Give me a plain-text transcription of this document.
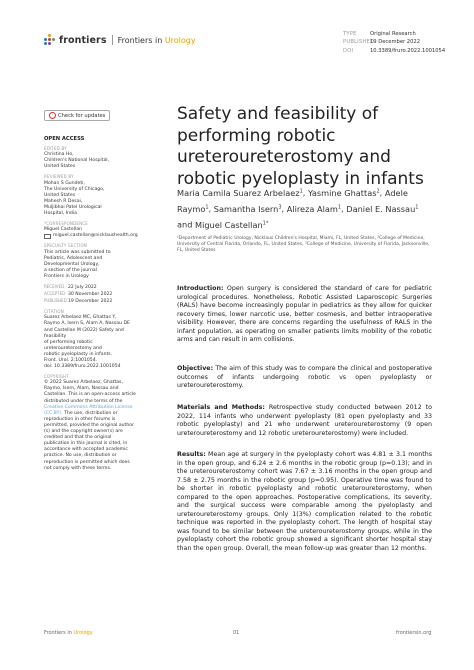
frontiers Frontiers in Urology
TYPE	Original Research
PUBLISHED19 December 2022
DOI	10.3389/fruro.2022.1001054
Check for updates
OPEN ACCESS
EDITED BY
Christina Ho,
Children's National Hospital,
United States
REVIEWED BY
Mohan S Gundeti,
The University of Chicago,
United States
Mahesh R Desai,
Muljibhai Patel Urological
Hospital, India
*CORRESPONDENCE
Miguel Castellan
miguel.castellan@nicklaushealth.org
SPECIALTY SECTION
This article was submitted to
Pediatric, Adolescent and
Developmental Urology,
a section of the journal
Frontiers in Urology
RECEIVED 22 July 2022
ACCEPTED 30 November 2022
PUBLISHED19 December 2022
CITATION
Suarez Arbelaez MC, Ghattas Y,
Raymo A, Isern S, Alam A, Nassau DE
and Castellan M (2022) Safety and
feasibility
of performing robotic
ureteroureterostomy and
robotic pyeloplasty in infants.
Front. Urol. 2:1001054.
doi: 10.3389/fruro.2022.1001054
COPYRIGHT
© 2022 Suarez Arbelaez, Ghattas,
Raymo, Isern, Alam, Nassau and
Castellan. This is an open-access article
distributed under the terms of the
Creative Commons Attribution License
(CC BY). The use, distribution or
reproduction in other forums is
permitted, provided the original author
(s) and the copyright owner(s) are
credited and that the original
publication in this journal is cited, in
accordance with accepted academic
practice. No use, distribution or
reproduction is permitted which does
not comply with these terms.
Safety and feasibility of performing robotic ureteroureterostomy and robotic pyeloplasty in infants
Maria Camila Suarez Arbelaez$^1$, Yasmine Ghattas$^2$, Adele Raymo$^1$, Samantha Isern$^3$, Alireza Alam$^1$, Daniel E. Nassau$^1$ and Miguel Castellan$^{1*}$
¹Department of Pediatric Urology, Nicklaus Children's Hospital, Miami, FL, United States, ²College of Medicine, University of Central Florida, Orlando, FL, United States, ³College of Medicine, University of Florida, Jacksonville, FL, United States
Introduction: Open surgery is considered the standard of care for pediatric urological procedures. Nonetheless, Robotic Assisted Laparoscopic Surgeries (RALS) have become increasingly popular in pediatrics as they allow for quicker recovery times, lower narcotic use, better cosmesis, and better intraoperative visibility. However, there are concerns regarding the usefulness of RALS in the infant population, as operating on smaller patients limits mobility of the robotic arms and can result in arm collisions.
Objective: The aim of this study was to compare the clinical and postoperative outcomes of infants undergoing robotic vs open pyeloplasty or ureteroureterostomy.
Materials and Methods: Retrospective study conducted between 2012 to 2022, 114 infants who underwent pyeloplasty (81 open pyeloplasty and 33 robotic pyeloplasty) and 21 who underwent ureteroureterostomy (9 open ureteroureterostomy and 12 robotic ureteroureterostomy) were included.
Results: Mean age at surgery in the pyeloplasty cohort was 4.81 ± 3.1 months in the open group, and 6.24 ± 2.6 months in the robotic group (p=0.13); and in the ureteroureterostomy cohort was 7.67 ± 3.16 months in the open group and 7.58 ± 2.75 months in the robotic group (p=0.95). Operative time was found to be shorter in robotic pyeloplasty and robotic ureteroureterostomy, when compared to the open approaches. Postoperative complications, its severity, and the surgical success were comparable among the pyeloplasty and ureteroureterostomy groups. Only 1(3%) complication related to the robotic technique was reported in the pyeloplasty cohort. The length of hospital stay was found to be similar between the ureteroureterostomy groups, while in the pyeloplasty cohort the robotic group showed a significant shorter hospital stay than the open group. Overall, the mean follow-up was greater than 12 months.
Frontiers in Urology	01	frontiersin.org
